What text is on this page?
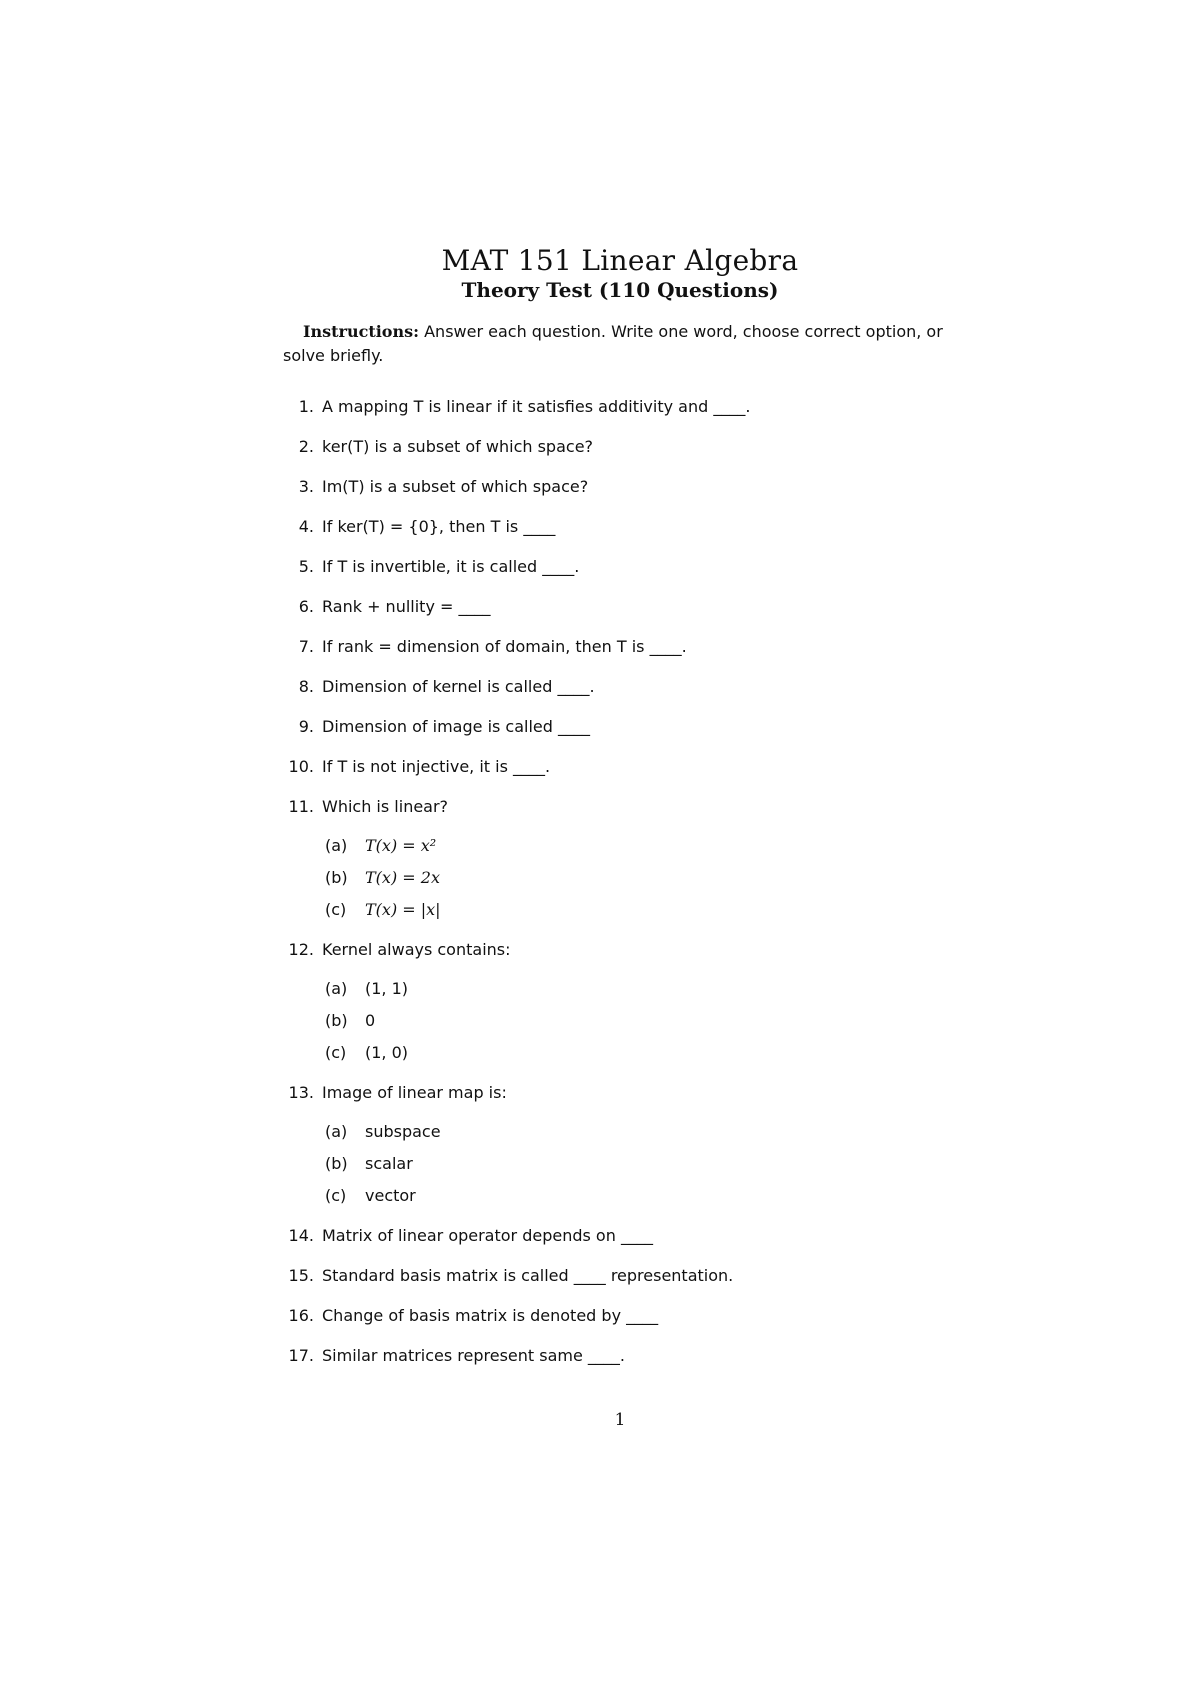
MAT 151 Linear Algebra
Theory Test (110 Questions)
Instructions: Answer each question. Write one word, choose correct option, or solve briefly.
1. A mapping T is linear if it satisfies additivity and ____.
2. ker(T) is a subset of which space?
3. Im(T) is a subset of which space?
4. If ker(T) = {0}, then T is ____
5. If T is invertible, it is called ____.
6. Rank + nullity = ____
7. If rank = dimension of domain, then T is ____.
8. Dimension of kernel is called ____.
9. Dimension of image is called ____
10. If T is not injective, it is ____.
11. Which is linear?
(a) T(x) = x²
(b) T(x) = 2x
(c) T(x) = |x|
12. Kernel always contains:
(a) (1, 1)
(b) 0
(c) (1, 0)
13. Image of linear map is:
(a) subspace
(b) scalar
(c) vector
14. Matrix of linear operator depends on ____
15. Standard basis matrix is called ____ representation.
16. Change of basis matrix is denoted by ____
17. Similar matrices represent same ____.
1
